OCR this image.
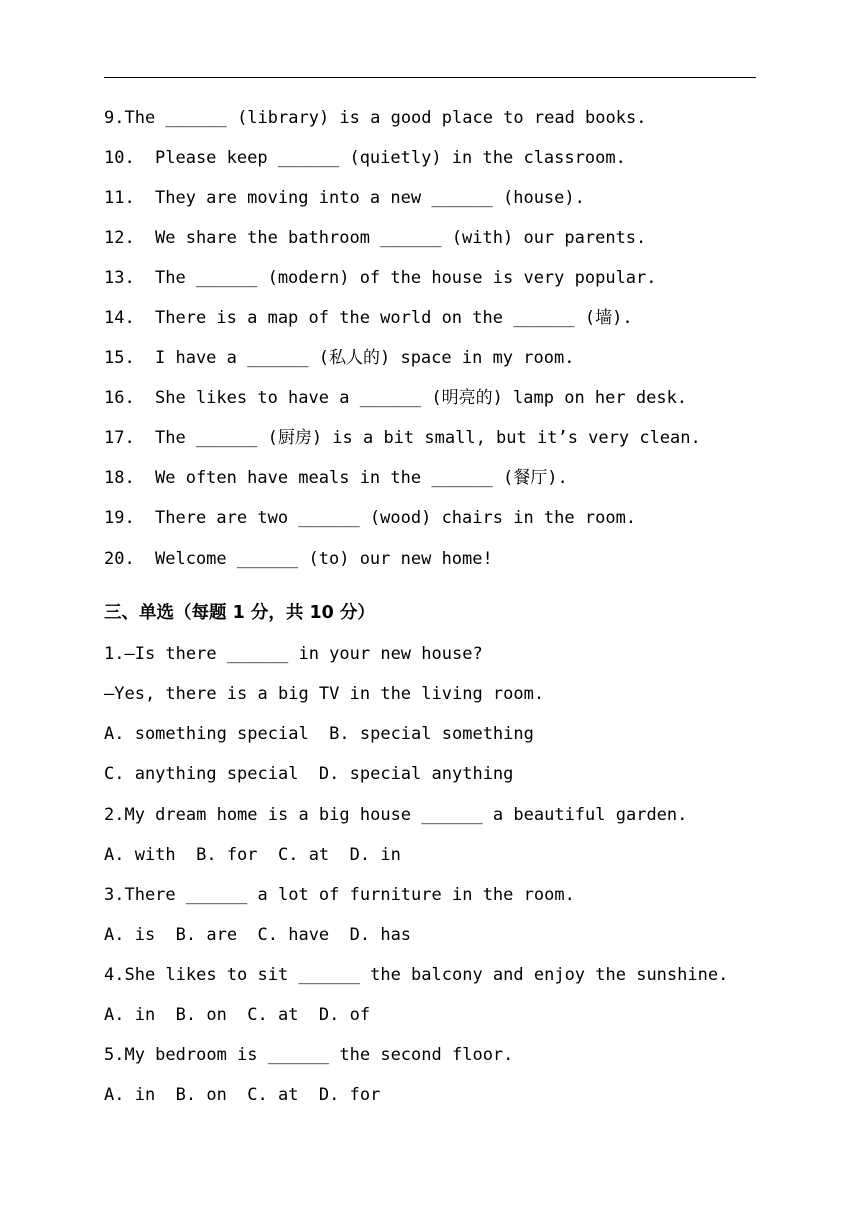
9.The ______ (library) is a good place to read books.
10. Please keep ______ (quietly) in the classroom.
11. They are moving into a new ______ (house).
12. We share the bathroom ______ (with) our parents.
13. The ______ (modern) of the house is very popular.
14. There is a map of the world on the ______ (墙).
15. I have a ______ (私人的) space in my room.
16. She likes to have a ______ (明亮的) lamp on her desk.
17. The ______ (厨房) is a bit small, but it’s very clean.
18. We often have meals in the ______ (餐厅).
19. There are two ______ (wood) chairs in the room.
20. Welcome ______ (to) our new home!
三、单选（每题 1 分，共 10 分）
1.—Is there ______ in your new house?
—Yes, there is a big TV in the living room.
A. something special  B. special something
C. anything special  D. special anything
2.My dream home is a big house ______ a beautiful garden.
A. with  B. for  C. at  D. in
3.There ______ a lot of furniture in the room.
A. is  B. are  C. have  D. has
4.She likes to sit ______ the balcony and enjoy the sunshine.
A. in  B. on  C. at  D. of
5.My bedroom is ______ the second floor.
A. in  B. on  C. at  D. for
